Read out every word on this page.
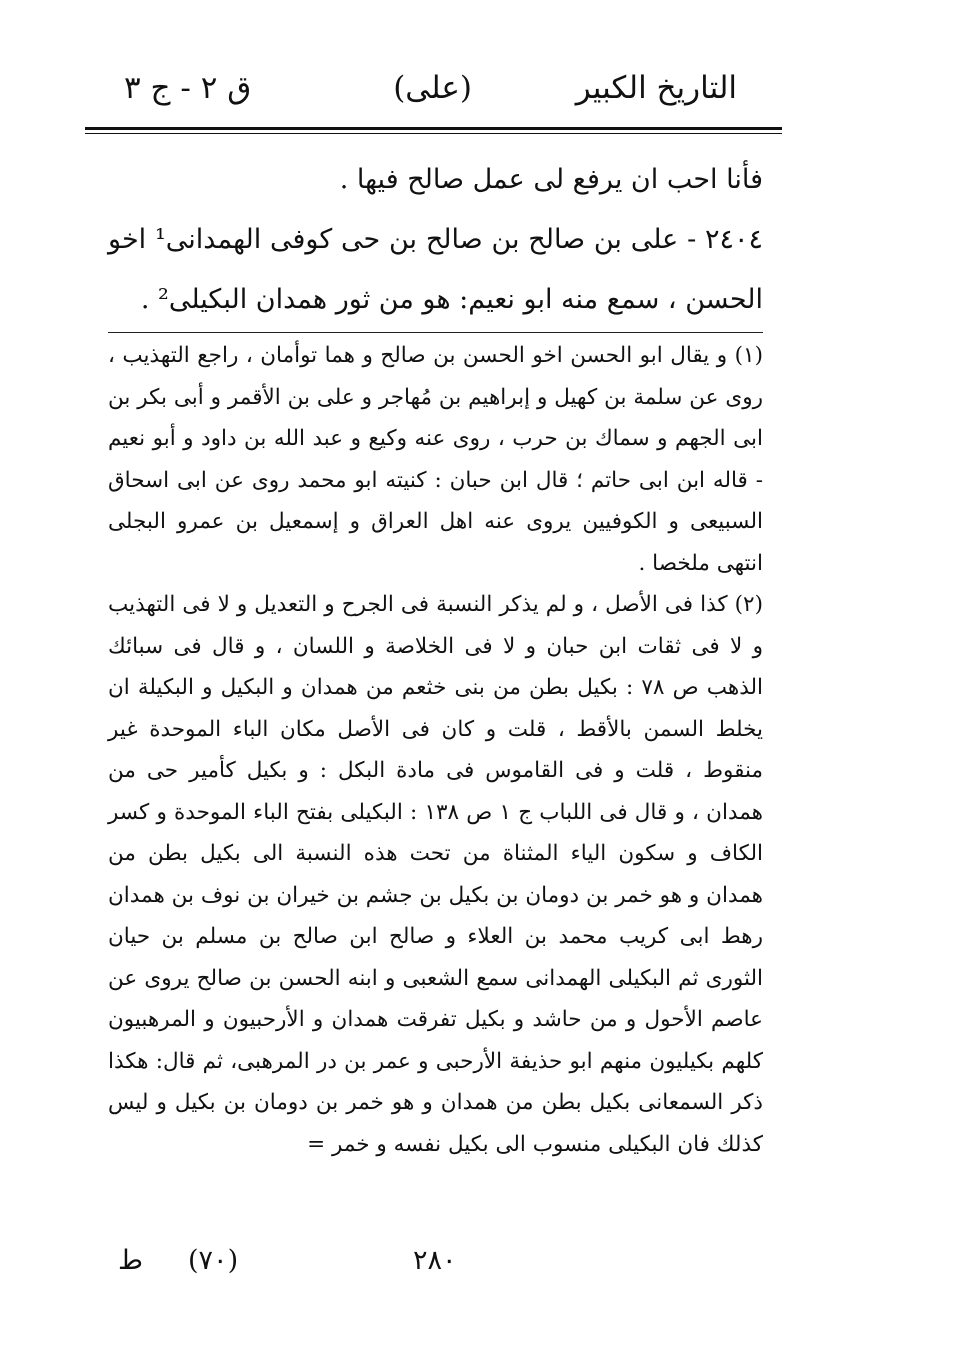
التاريخ الكبير
(على)
ق ٢ - ج ٣

فأنا احب ان يرفع لى عمل صالح فيها .

٢٤٠٤ - على بن صالح بن صالح بن حى كوفى الهمدانى¹ اخو

الحسن ، سمع منه ابو نعيم: هو من ثور همدان البكيلى² .

(١) و يقال ابو الحسن اخو الحسن بن صالح و هما توأمان ، راجع التهذيب ، روى عن سلمة بن كهيل و إبراهيم بن مُهاجر و على بن الأقمر و أبى بكر بن ابى الجهم و سماك بن حرب ، روى عنه وكيع و عبد الله بن داود و أبو نعيم - قاله ابن ابى حاتم ؛ قال ابن حبان : كنيته ابو محمد روى عن ابى اسحاق السبيعى و الكوفيين يروى عنه اهل العراق و إسمعيل بن عمرو البجلى انتهى ملخصا .

(٢) كذا فى الأصل ، و لم يذكر النسبة فى الجرح و التعديل و لا فى التهذيب و لا فى ثقات ابن حبان و لا فى الخلاصة و اللسان ، و قال فى سبائك الذهب ص ٧٨ : بكيل بطن من بنى خثعم من همدان و البكيل و البكيلة ان يخلط السمن بالأقط ، قلت و كان فى الأصل مكان الباء الموحدة غير منقوط ، قلت و فى القاموس فى مادة البكل : و بكيل كأمير حى من همدان ، و قال فى اللباب ج ١ ص ١٣٨ : البكيلى بفتح الباء الموحدة و كسر الكاف و سكون الياء المثناة من تحت هذه النسبة الى بكيل بطن من همدان و هو خمر بن دومان بن بكيل بن جشم بن خيران بن نوف بن همدان رهط ابى كريب محمد بن العلاء و صالح ابن صالح بن مسلم بن حيان الثورى ثم البكيلى الهمدانى سمع الشعبى و ابنه الحسن بن صالح يروى عن عاصم الأحول و من حاشد و بكيل تفرقت همدان و الأرحبيون و المرهبيون كلهم بكيليون منهم ابو حذيفة الأرحبى و عمر بن در المرهبى، ثم قال: هكذا ذكر السمعانى بكيل بطن من همدان و هو خمر بن دومان بن بكيل و ليس كذلك فان البكيلى منسوب الى بكيل نفسه و خمر =

٢٨٠
(٧٠)
ط
